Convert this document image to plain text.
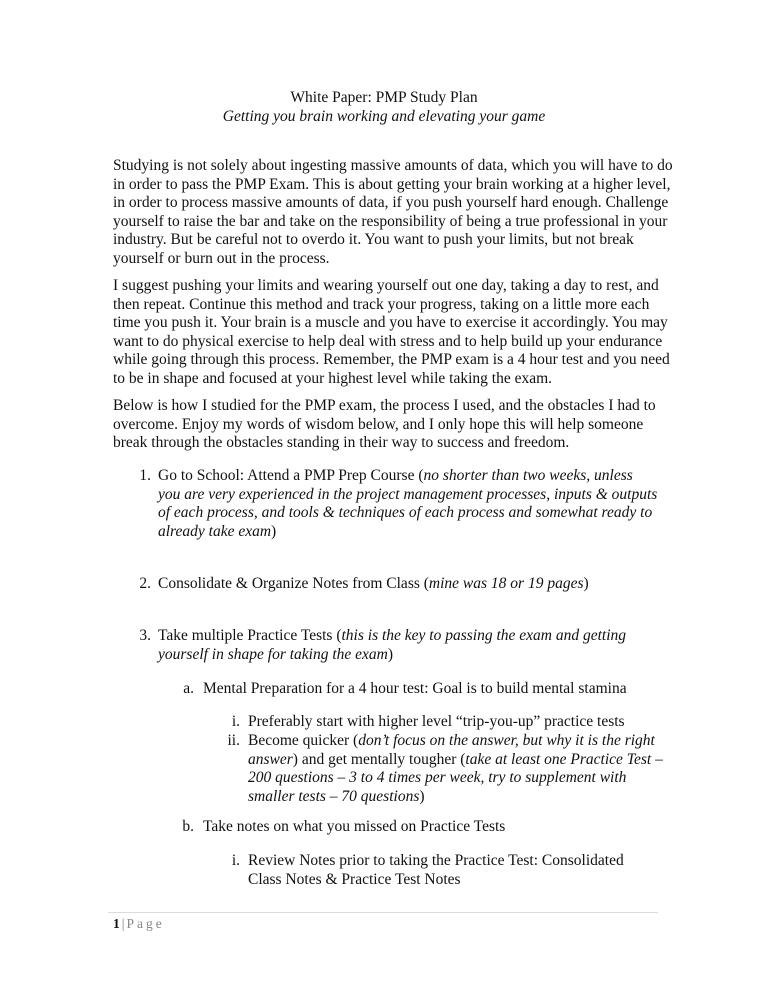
White Paper: PMP Study Plan
Getting you brain working and elevating your game

Studying is not solely about ingesting massive amounts of data, which you will have to do in order to pass the PMP Exam. This is about getting your brain working at a higher level, in order to process massive amounts of data, if you push yourself hard enough. Challenge yourself to raise the bar and take on the responsibility of being a true professional in your industry. But be careful not to overdo it. You want to push your limits, but not break yourself or burn out in the process.

I suggest pushing your limits and wearing yourself out one day, taking a day to rest, and then repeat. Continue this method and track your progress, taking on a little more each time you push it. Your brain is a muscle and you have to exercise it accordingly. You may want to do physical exercise to help deal with stress and to help build up your endurance while going through this process. Remember, the PMP exam is a 4 hour test and you need to be in shape and focused at your highest level while taking the exam.

Below is how I studied for the PMP exam, the process I used, and the obstacles I had to overcome. Enjoy my words of wisdom below, and I only hope this will help someone break through the obstacles standing in their way to success and freedom.

1. Go to School: Attend a PMP Prep Course (no shorter than two weeks, unless you are very experienced in the project management processes, inputs & outputs of each process, and tools & techniques of each process and somewhat ready to already take exam)
2. Consolidate & Organize Notes from Class (mine was 18 or 19 pages)
3. Take multiple Practice Tests (this is the key to passing the exam and getting yourself in shape for taking the exam)
a. Mental Preparation for a 4 hour test: Goal is to build mental stamina
i. Preferably start with higher level “trip-you-up” practice tests
ii. Become quicker (don’t focus on the answer, but why it is the right answer) and get mentally tougher (take at least one Practice Test – 200 questions – 3 to 4 times per week, try to supplement with smaller tests – 70 questions)
b. Take notes on what you missed on Practice Tests
i. Review Notes prior to taking the Practice Test: Consolidated Class Notes & Practice Test Notes
1 | Page
